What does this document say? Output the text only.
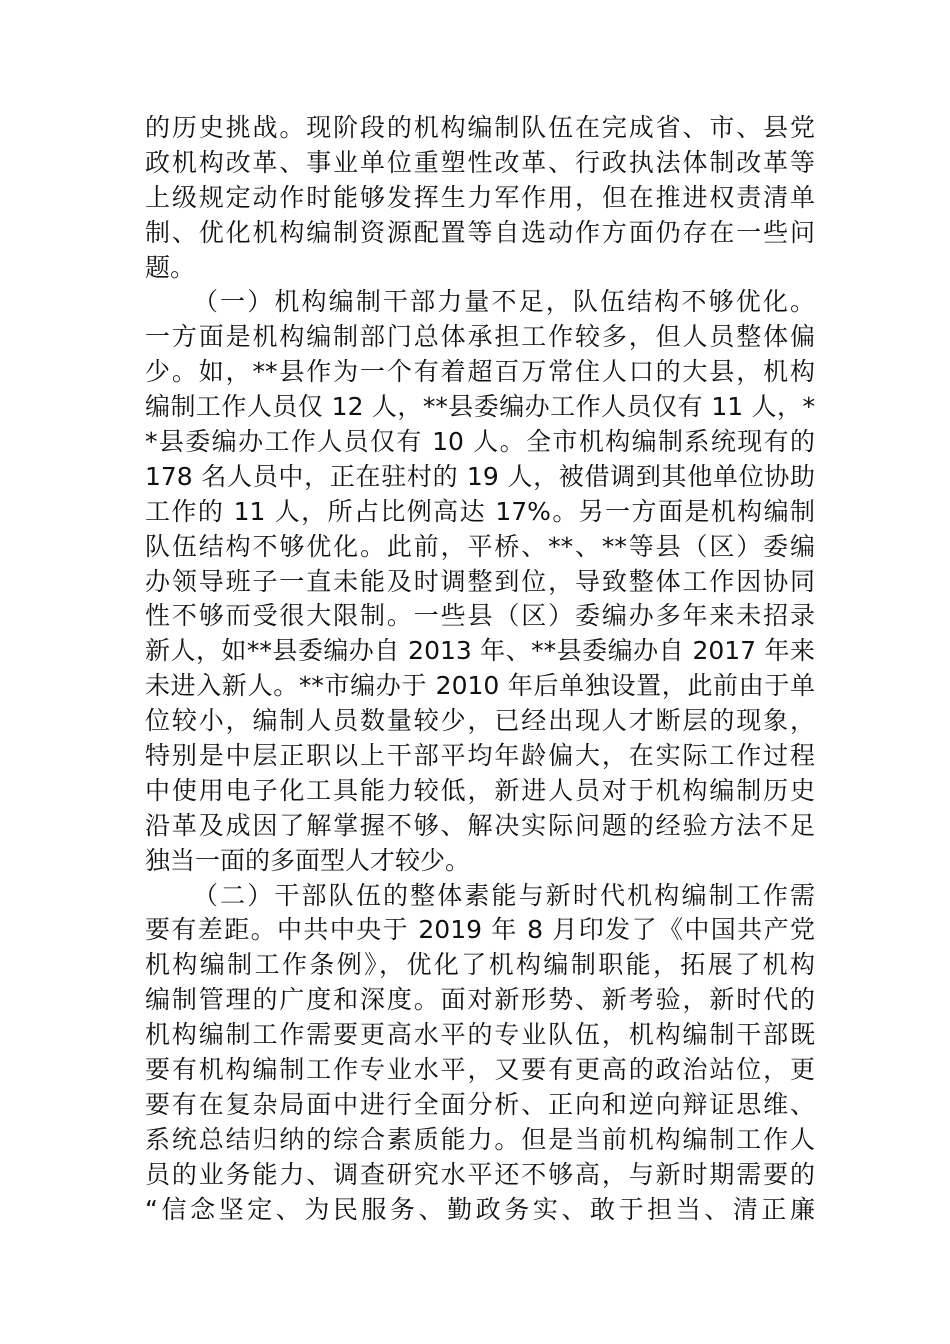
的历史挑战。现阶段的机构编制队伍在完成省、市、县党
政机构改革、事业单位重塑性改革、行政执法体制改革等
上级规定动作时能够发挥生力军作用，但在推进权责清单
制、优化机构编制资源配置等自选动作方面仍存在一些问
题。
（一）机构编制干部力量不足，队伍结构不够优化。
一方面是机构编制部门总体承担工作较多，但人员整体偏
少。如，**县作为一个有着超百万常住人口的大县，机构
编制工作人员仅 12 人，**县委编办工作人员仅有 11 人，*
*县委编办工作人员仅有 10 人。全市机构编制系统现有的
178 名人员中，正在驻村的 19 人，被借调到其他单位协助
工作的 11 人，所占比例高达 17%。另一方面是机构编制
队伍结构不够优化。此前，平桥、**、**等县（区）委编
办领导班子一直未能及时调整到位，导致整体工作因协同
性不够而受很大限制。一些县（区）委编办多年来未招录
新人，如**县委编办自 2013 年、**县委编办自 2017 年来
未进入新人。**市编办于 2010 年后单独设置，此前由于单
位较小，编制人员数量较少，已经出现人才断层的现象，
特别是中层正职以上干部平均年龄偏大，在实际工作过程
中使用电子化工具能力较低，新进人员对于机构编制历史
沿革及成因了解掌握不够、解决实际问题的经验方法不足
独当一面的多面型人才较少。
（二）干部队伍的整体素能与新时代机构编制工作需
要有差距。中共中央于 2019 年 8 月印发了《中国共产党
机构编制工作条例》，优化了机构编制职能，拓展了机构
编制管理的广度和深度。面对新形势、新考验，新时代的
机构编制工作需要更高水平的专业队伍，机构编制干部既
要有机构编制工作专业水平，又要有更高的政治站位，更
要有在复杂局面中进行全面分析、正向和逆向辩证思维、
系统总结归纳的综合素质能力。但是当前机构编制工作人
员的业务能力、调查研究水平还不够高，与新时期需要的
“信念坚定、为民服务、勤政务实、敢于担当、清正廉
